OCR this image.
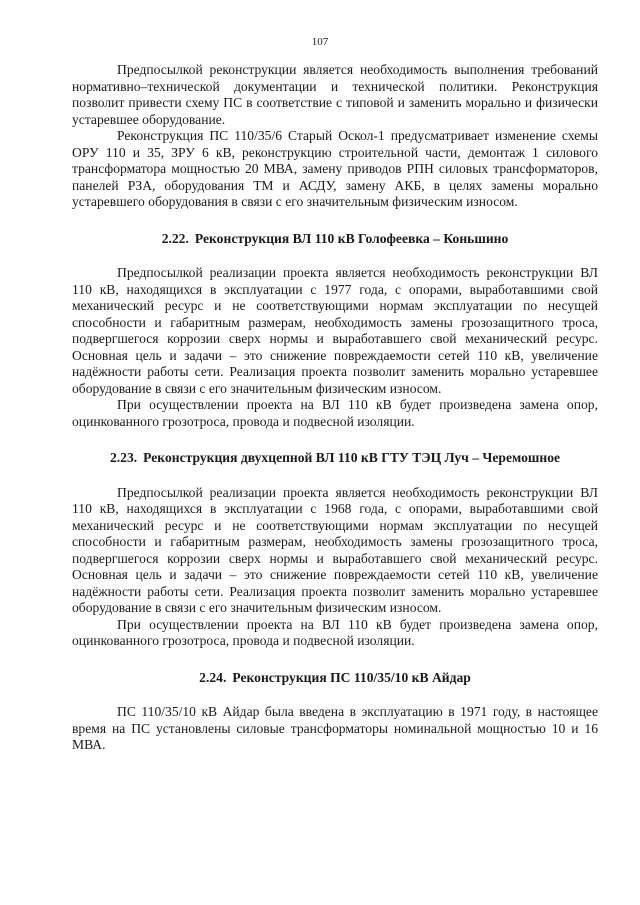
107

Предпосылкой реконструкции является необходимость выполнения требований нормативно–технической документации и технической политики. Реконструкция позволит привести схему ПС в соответствие с типовой и заменить морально и физически устаревшее оборудование.

Реконструкция ПС 110/35/6 Старый Оскол-1 предусматривает изменение схемы ОРУ 110 и 35, ЗРУ 6 кВ, реконструкцию строительной части, демонтаж 1 силового трансформатора мощностью 20 МВА, замену приводов РПН силовых трансформаторов, панелей РЗА, оборудования ТМ и АСДУ, замену АКБ, в целях замены морально устаревшего оборудования в связи с его значительным физическим износом.

2.22. Реконструкция ВЛ 110 кВ Голофеевка – Коньшино

Предпосылкой реализации проекта является необходимость реконструкции ВЛ 110 кВ, находящихся в эксплуатации с 1977 года, с опорами, выработавшими свой механический ресурс и не соответствующими нормам эксплуатации по несущей способности и габаритным размерам, необходимость замены грозозащитного троса, подвергшегося коррозии сверх нормы и выработавшего свой механический ресурс. Основная цель и задачи – это снижение повреждаемости сетей 110 кВ, увеличение надёжности работы сети. Реализация проекта позволит заменить морально устаревшее оборудование в связи с его значительным физическим износом.

При осуществлении проекта на ВЛ 110 кВ будет произведена замена опор, оцинкованного грозотроса, провода и подвесной изоляции.

2.23. Реконструкция двухцепной ВЛ 110 кВ ГТУ ТЭЦ Луч – Черемошное

Предпосылкой реализации проекта является необходимость реконструкции ВЛ 110 кВ, находящихся в эксплуатации с 1968 года, с опорами, выработавшими свой механический ресурс и не соответствующими нормам эксплуатации по несущей способности и габаритным размерам, необходимость замены грозозащитного троса, подвергшегося коррозии сверх нормы и выработавшего свой механический ресурс. Основная цель и задачи – это снижение повреждаемости сетей 110 кВ, увеличение надёжности работы сети. Реализация проекта позволит заменить морально устаревшее оборудование в связи с его значительным физическим износом.

При осуществлении проекта на ВЛ 110 кВ будет произведена замена опор, оцинкованного грозотроса, провода и подвесной изоляции.

2.24. Реконструкция ПС 110/35/10 кВ Айдар

ПС 110/35/10 кВ Айдар была введена в эксплуатацию в 1971 году, в настоящее время на ПС установлены силовые трансформаторы номинальной мощностью 10 и 16 МВА.
